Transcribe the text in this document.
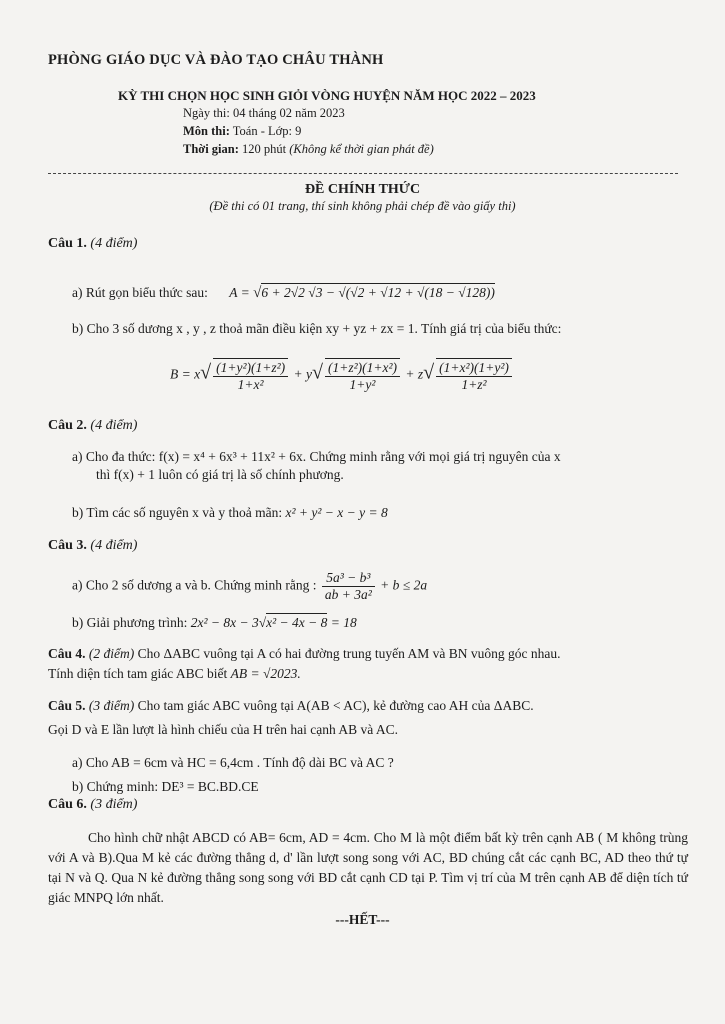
PHÒNG GIÁO DỤC VÀ ĐÀO TẠO CHÂU THÀNH
KỲ THI CHỌN HỌC SINH GIỎI VÒNG HUYỆN NĂM HỌC 2022 – 2023
Ngày thi: 04 tháng 02 năm 2023
Môn thi: Toán - Lớp: 9
Thời gian: 120 phút (Không kể thời gian phát đề)
ĐỀ CHÍNH THỨC
(Đề thi có 01 trang, thí sinh không phải chép đề vào giấy thi)
Câu 1. (4 điểm)
a) Rút gọn biểu thức sau: A = √6 + 2√2 √3 − √(√2 + √12 + √(18 − √128))
b) Cho 3 số dương x , y , z thoả mãn điều kiện xy + yz + zx = 1. Tính giá trị của biểu thức:
$B = x√ \frac{\text{(1+y²)(1+z²)}}{\text{1+x²}} + y√ \frac{\text{(1+z²)(1+x²)}}{\text{1+y²}} + z√ \frac{\text{(1+x²)(1+y²)}}{\text{1+z²}}$
Câu 2. (4 điểm)
a) Cho đa thức: f(x) = x⁴ + 6x³ + 11x² + 6x. Chứng minh rằng với mọi giá trị nguyên của x
thì f(x) + 1 luôn có giá trị là số chính phương.
b) Tìm các số nguyên x và y thoả mãn: x² + y² − x − y = 8
Câu 3. (4 điểm)
a) Cho 2 số dương a và b. Chứng minh rằng : $\frac{\text{5a³ − b³}}{\text{ab + 3a²}} + b \le 2a$
b) Giải phương trình: 2x² − 8x − 3√x² − 4x − 8 = 18
Câu 4. (2 điểm) Cho ΔABC vuông tại A có hai đường trung tuyến AM và BN vuông góc nhau.
Tính diện tích tam giác ABC biết AB = √2023.
Câu 5. (3 điểm) Cho tam giác ABC vuông tại A(AB < AC), kẻ đường cao AH của ΔABC.
Gọi D và E lần lượt là hình chiếu của H trên hai cạnh AB và AC.
a) Cho AB = 6cm và HC = 6,4cm . Tính độ dài BC và AC ?
b) Chứng minh: DE³ = BC.BD.CE
Câu 6. (3 điểm)
Cho hình chữ nhật ABCD có AB= 6cm, AD = 4cm. Cho M là một điểm bất kỳ trên cạnh AB ( M không trùng với A và B).Qua M kẻ các đường thẳng d, d' lần lượt song song với AC, BD chúng cắt các cạnh BC, AD theo thứ tự tại N và Q. Qua N kẻ đường thẳng song song với BD cắt cạnh CD tại P. Tìm vị trí của M trên cạnh AB để diện tích tứ giác MNPQ lớn nhất.
---HẾT---
